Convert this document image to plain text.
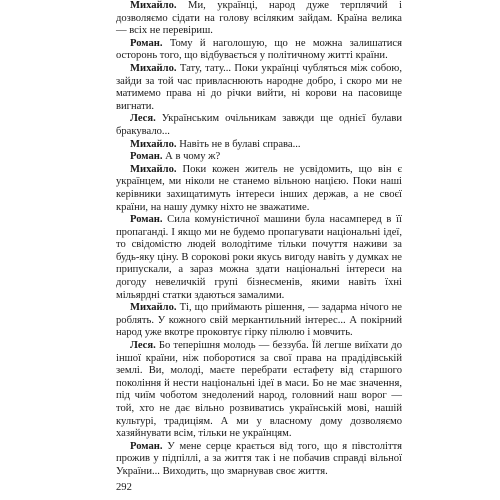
Михайло. Ми, українці, народ дуже терплячий і дозволяємо сідати на голову всіляким зайдам. Країна велика — всіх не перевіриш.

Роман. Тому й наголошую, що не можна залишатися осторонь того, що відбувається у політичному житті країни.

Михайло. Тату, тату... Поки українці чубляться між собою, зайди за той час привласнюють народне добро, і скоро ми не матимемо права ні до річки вийти, ні корови на пасовище вигнати.

Леся. Українським очільникам завжди ще однієї булави бракувало...

Михайло. Навіть не в булаві справа...

Роман. А в чому ж?

Михайло. Поки кожен житель не усвідомить, що він є українцем, ми ніколи не станемо вільною нацією. Поки наші керівники захищатимуть інтереси інших держав, а не своєї країни, на нашу думку ніхто не зважатиме.

Роман. Сила комуністичної машини була насамперед в її пропаганді. І якщо ми не будемо пропагувати національні ідеї, то свідомістю людей володітиме тільки почуття наживи за будь-яку ціну. В сорокові роки якусь вигоду навіть у думках не припускали, а зараз можна здати національні інтереси на догоду невеличкій групі бізнесменів, якими навіть їхні мільярдні статки здаються замалими.

Михайло. Ті, що приймають рішення, — задарма нічого не роблять. У кожного свій меркантильний інтерес... А покірний народ уже вкотре проковтує гірку пілюлю і мовчить.

Леся. Бо теперішня молодь — беззуба. Їй легше виїхати до іншої країни, ніж поборотися за свої права на прадідівській землі. Ви, молоді, маєте перебрати естафету від старшого покоління й нести національні ідеї в маси. Бо не має значення, під чиїм чоботом знедолений народ, головний наш ворог — той, хто не дає вільно розвиватись українській мові, нашій культурі, традиціям. А ми у власному дому дозволяємо хазяйнувати всім, тільки не українцям.

Роман. У мене серце крається від того, що я півстоліття прожив у підпіллі, а за життя так і не побачив справді вільної України... Виходить, що змарнував своє життя.

292
